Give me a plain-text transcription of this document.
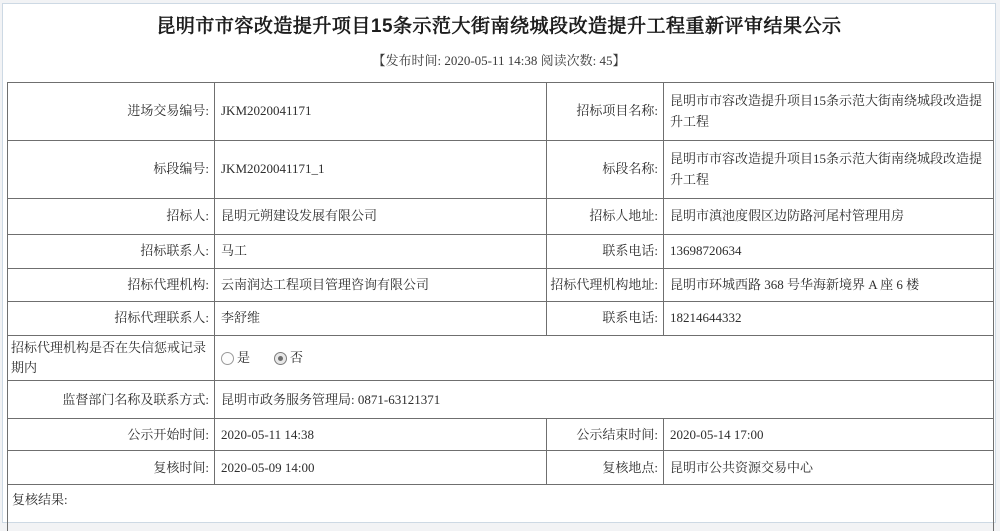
昆明市市容改造提升项目15条示范大街南绕城段改造提升工程重新评审结果公示
【发布时间: 2020-05-11 14:38 阅读次数: 45】
进场交易编号:	JKM2020041171	招标项目名称:	昆明市市容改造提升项目15条示范大街南绕城段改造提升工程
标段编号:	JKM2020041171_1	标段名称:	昆明市市容改造提升项目15条示范大街南绕城段改造提升工程
招标人:	昆明元朔建设发展有限公司	招标人地址:	昆明市滇池度假区边防路河尾村管理用房
招标联系人:	马工	联系电话:	13698720634
招标代理机构:	云南润达工程项目管理咨询有限公司	招标代理机构地址:	昆明市环城西路 368 号华海新境界 A 座 6 楼
招标代理联系人:	李舒维	联系电话:	18214644332
招标代理机构是否在失信惩戒记录期内	是 否		

监督部门名称及联系方式:	昆明市政务服务管理局: 0871-63121371		
公示开始时间:	2020-05-11 14:38	公示结束时间:	2020-05-14 17:00
复核时间:	2020-05-09 14:00	复核地点:	昆明市公共资源交易中心
复核结果:			
